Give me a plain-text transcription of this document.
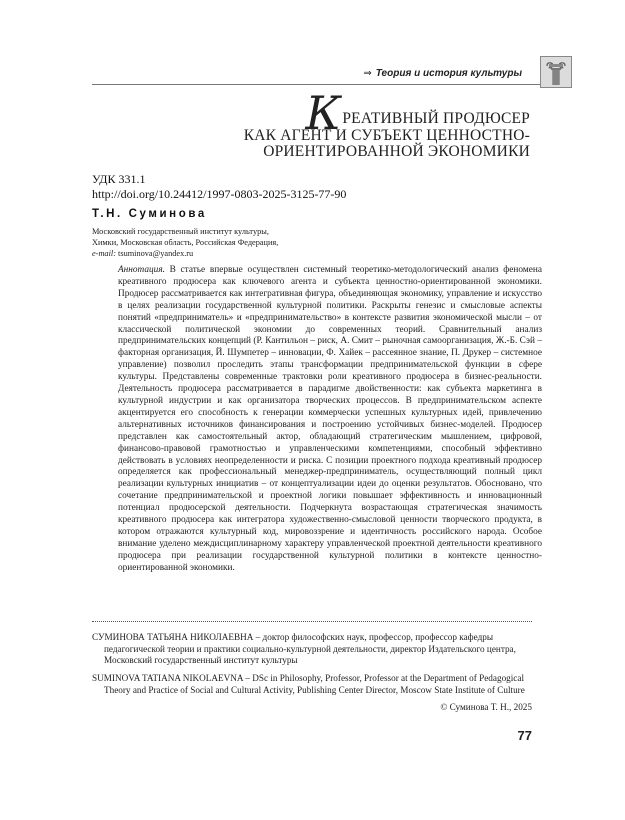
⇒ Теория и история культуры
КРЕАТИВНЫЙ ПРОДЮСЕР
КАК АГЕНТ И СУБЪЕКТ ЦЕННОСТНО-
ОРИЕНТИРОВАННОЙ ЭКОНОМИКИ
УДК 331.1
http://doi.org/10.24412/1997-0803-2025-3125-77-90
Т.Н. Суминова
Московский государственный институт культуры,
Химки, Московская область, Российская Федерация,
e-mail: tsuminova@yandex.ru
Аннотация. В статье впервые осуществлен системный теоретико-методологический анализ феномена креативного продюсера как ключевого агента и субъекта ценностно-ориентированной экономики. Продюсер рассматривается как интегративная фигура, объединяющая экономику, управление и искусство в целях реализации государственной культурной политики. Раскрыты генезис и смысловые аспекты понятий «предприниматель» и «предпринимательство» в контексте развития экономической мысли – от классической политической экономии до современных теорий. Сравнительный анализ предпринимательских концепций (Р. Кантильон – риск, А. Смит – рыночная самоорганизация, Ж.-Б. Сэй – факторная организация, Й. Шумпетер – инновации, Ф. Хайек – рассеянное знание, П. Друкер – системное управление) позволил проследить этапы трансформации предпринимательской функции в сфере культуры. Представлены современные трактовки роли креативного продюсера в бизнес-реальности. Деятельность продюсера рассматривается в парадигме двойственности: как субъекта маркетинга в культурной индустрии и как организатора творческих процессов. В предпринимательском аспекте акцентируется его способность к генерации коммерчески успешных культурных идей, привлечению альтернативных источников финансирования и построению устойчивых бизнес-моделей. Продюсер представлен как самостоятельный актор, обладающий стратегическим мышлением, цифровой, финансово-правовой грамотностью и управленческими компетенциями, способный эффективно действовать в условиях неопределенности и риска. С позиции проектного подхода креативный продюсер определяется как профессиональный менеджер-предприниматель, осуществляющий полный цикл реализации культурных инициатив – от концептуализации идеи до оценки результатов. Обосновано, что сочетание предпринимательской и проектной логики повышает эффективность и инновационный потенциал продюсерской деятельности. Подчеркнута возрастающая стратегическая значимость креативного продюсера как интегратора художественно-смысловой ценности творческого продукта, в котором отражаются культурный код, мировоззрение и идентичность российского народа. Особое внимание уделено междисциплинарному характеру управленческой проектной деятельности креативного продюсера при реализации государственной культурной политики в контексте ценностно-ориентированной экономики.
СУМИНОВА ТАТЬЯНА НИКОЛАЕВНА – доктор философских наук, профессор, профессор кафедры педагогической теории и практики социально-культурной деятельности, директор Издательского центра, Московский государственный институт культуры
SUMINOVA TATIANA NIKOLAEVNA – DSc in Philosophy, Professor, Professor at the Department of Pedagogical Theory and Practice of Social and Cultural Activity, Publishing Center Director, Moscow State Institute of Culture
© Суминова Т. Н., 2025
77
